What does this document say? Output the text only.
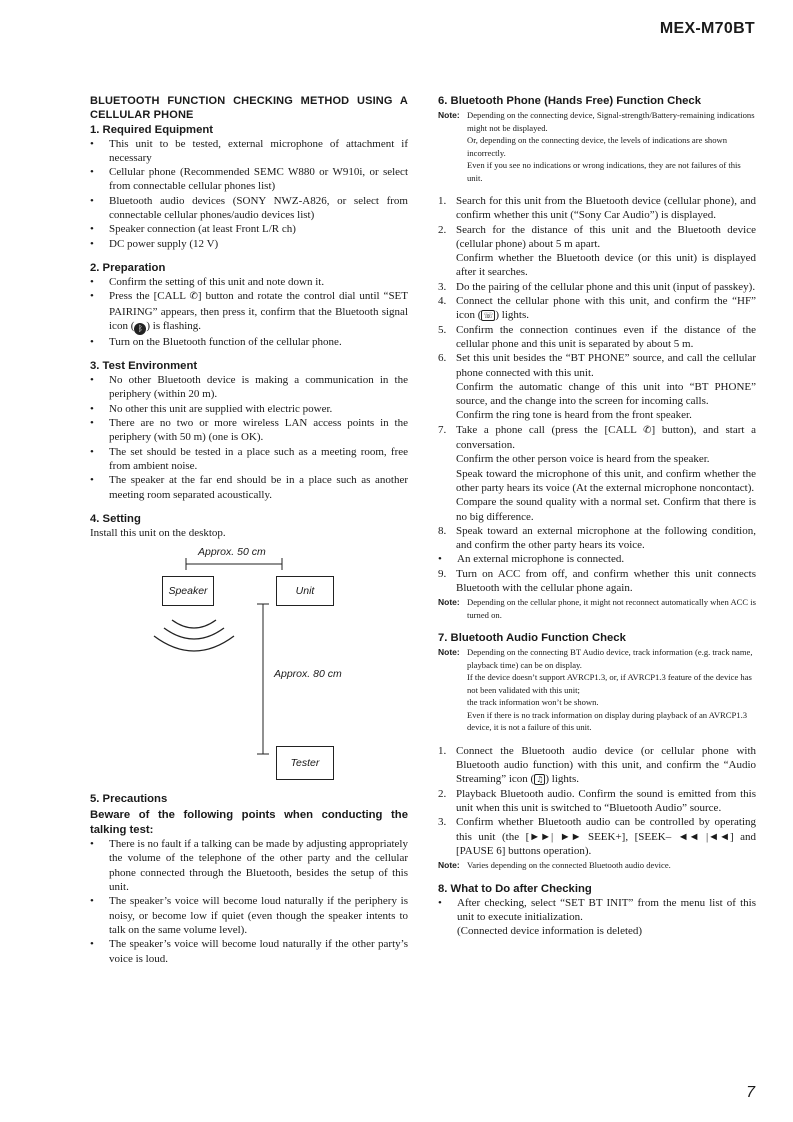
MEX-M70BT

BLUETOOTH FUNCTION CHECKING METHOD USING A CELLULAR PHONE

1. Required Equipment

• This unit to be tested, external microphone of attachment if necessary
• Cellular phone (Recommended SEMC W880 or W910i, or select from connectable cellular phones list)
• Bluetooth audio devices (SONY NWZ-A826, or select from connectable cellular phones/audio devices list)
• Speaker connection (at least Front L/R ch)
• DC power supply (12 V)

2. Preparation

• Confirm the setting of this unit and note down it.
• Press the [CALL ✆] button and rotate the control dial until “SET PAIRING” appears, then press it, confirm that the Bluetooth signal icon ( ᛒ ) is flashing.
• Turn on the Bluetooth function of the cellular phone.

3. Test Environment

• No other Bluetooth device is making a communication in the periphery (within 20 m).
• No other this unit are supplied with electric power.
• There are no two or more wireless LAN access points in the periphery (with 50 m) (one is OK).
• The set should be tested in a place such as a meeting room, free from ambient noise.
• The speaker at the far end should be in a place such as another meeting room separated acoustically.

4. Setting

Install this unit on the desktop.

Approx. 50 cm
Speaker	Unit
Approx. 80 cm
Tester

5. Precautions

Beware of the following points when conducting the talking test:

• There is no fault if a talking can be made by adjusting appropriately the volume of the telephone of the other party and the cellular phone connected through the Bluetooth, besides the setup of this unit.
• The speaker’s voice will become loud naturally if the periphery is noisy, or become low if quiet (even though the speaker intents to talk on the same volume level).
• The speaker’s voice will become loud naturally if the other party’s voice is loud.

6. Bluetooth Phone (Hands Free) Function Check

Note: Depending on the connecting device, Signal-strength/Battery-remaining indications might not be displayed.
Or, depending on the connecting device, the levels of indications are shown incorrectly.
Even if you see no indications or wrong indications, they are not failures of this unit.
1. Search for this unit from the Bluetooth device (cellular phone), and confirm whether this unit (“Sony Car Audio”) is displayed.
2. Search for the distance of this unit and the Bluetooth device (cellular phone) about 5 m apart.
Confirm whether the Bluetooth device (or this unit) is displayed after it searches.
3. Do the pairing of the cellular phone and this unit (input of passkey).
4. Connect the cellular phone with this unit, and confirm the “HF” icon ( ☏ ) lights.
5. Confirm the connection continues even if the distance of the cellular phone and this unit is separated by about 5 m.
6. Set this unit besides the “BT PHONE” source, and call the cellular phone connected with this unit.
Confirm the automatic change of this unit into “BT PHONE” source, and the change into the screen for incoming calls.
Confirm the ring tone is heard from the front speaker.
7. Take a phone call (press the [CALL ✆] button), and start a conversation.
Confirm the other person voice is heard from the speaker.
Speak toward the microphone of this unit, and confirm whether the other party hears its voice (At the external microphone noncontact).
Compare the sound quality with a normal set. Confirm that there is no big difference.
8. Speak toward an external microphone at the following condition, and confirm the other party hears its voice.
• An external microphone is connected.
9. Turn on ACC from off, and confirm whether this unit connects Bluetooth with the cellular phone again.
Note: Depending on the cellular phone, it might not reconnect automatically when ACC is turned on.

7. Bluetooth Audio Function Check

Note: Depending on the connecting BT Audio device, track information (e.g. track name, playback time) can be on display.
If the device doesn’t support AVRCP1.3, or, if AVRCP1.3 feature of the device has not been validated with this unit;
the track information won’t be shown.
Even if there is no track information on display during playback of an AVRCP1.3 device, it is not a failure of this unit.
1. Connect the Bluetooth audio device (or cellular phone with Bluetooth audio function) with this unit, and confirm the “Audio Streaming” icon ( ♫ ) lights.
2. Playback Bluetooth audio. Confirm the sound is emitted from this unit when this unit is switched to “Bluetooth Audio” source.
3. Confirm whether Bluetooth audio can be controlled by operating this unit (the [►►| ►► SEEK+], [SEEK– ◄◄ |◄◄] and [PAUSE 6] buttons operation).
Note: Varies depending on the connected Bluetooth audio device.

8. What to Do after Checking

• After checking, select “SET BT INIT” from the menu list of this unit to execute initialization.
(Connected device information is deleted)
7
